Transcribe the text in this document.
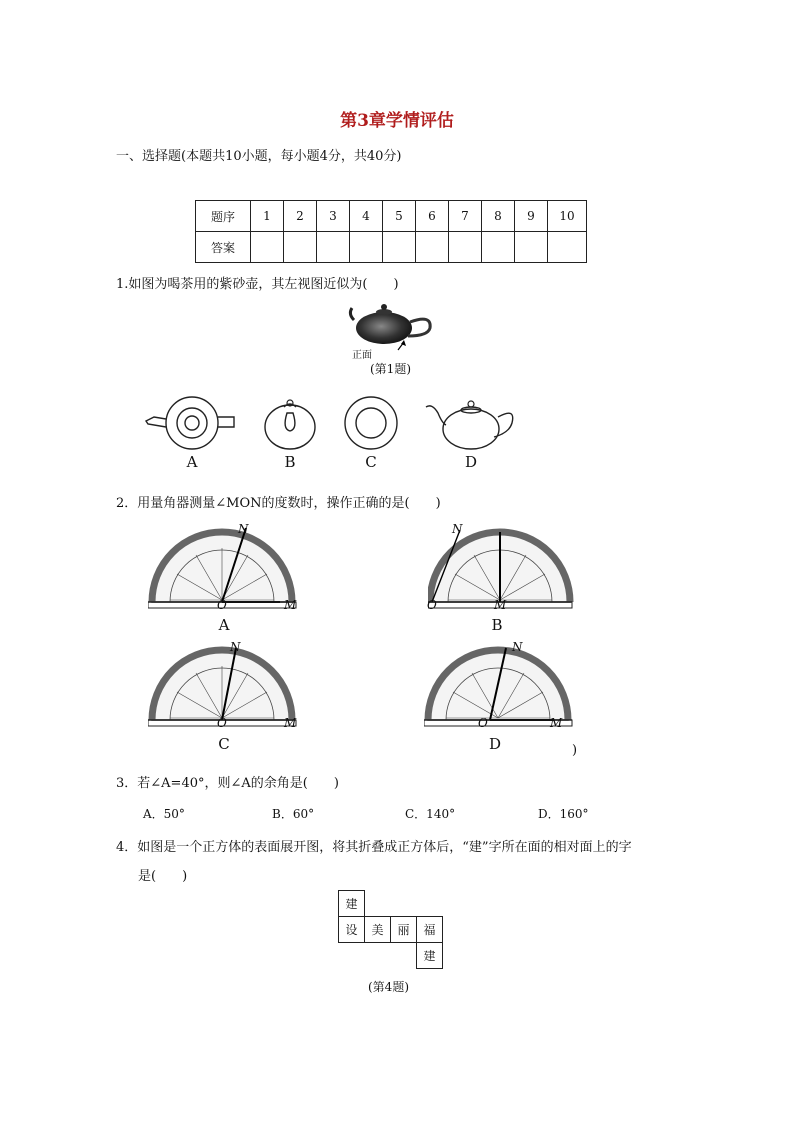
第3章学情评估
一、选择题(本题共10小题，每小题4分，共40分)
题序	1	2	3	4	5	6	7	8	9	10
答案										
1.如图为喝茶用的紫砂壶，其左视图近似为(　　)
正面
(第1题)
A	B	C	D
2．用量角器测量∠MON的度数时，操作正确的是(　　)
N
O	M
A
N
O	M
B
N
O	M
C
N
O	M
D	)
3．若∠A=40°，则∠A的余角是(　　)
A．50°	B．60°	C．140°	D．160°
4．如图是一个正方体的表面展开图，将其折叠成正方体后，“建”字所在面的相对面上的字
是(　　)
建			
设	美	丽	福
			建
(第4题)
